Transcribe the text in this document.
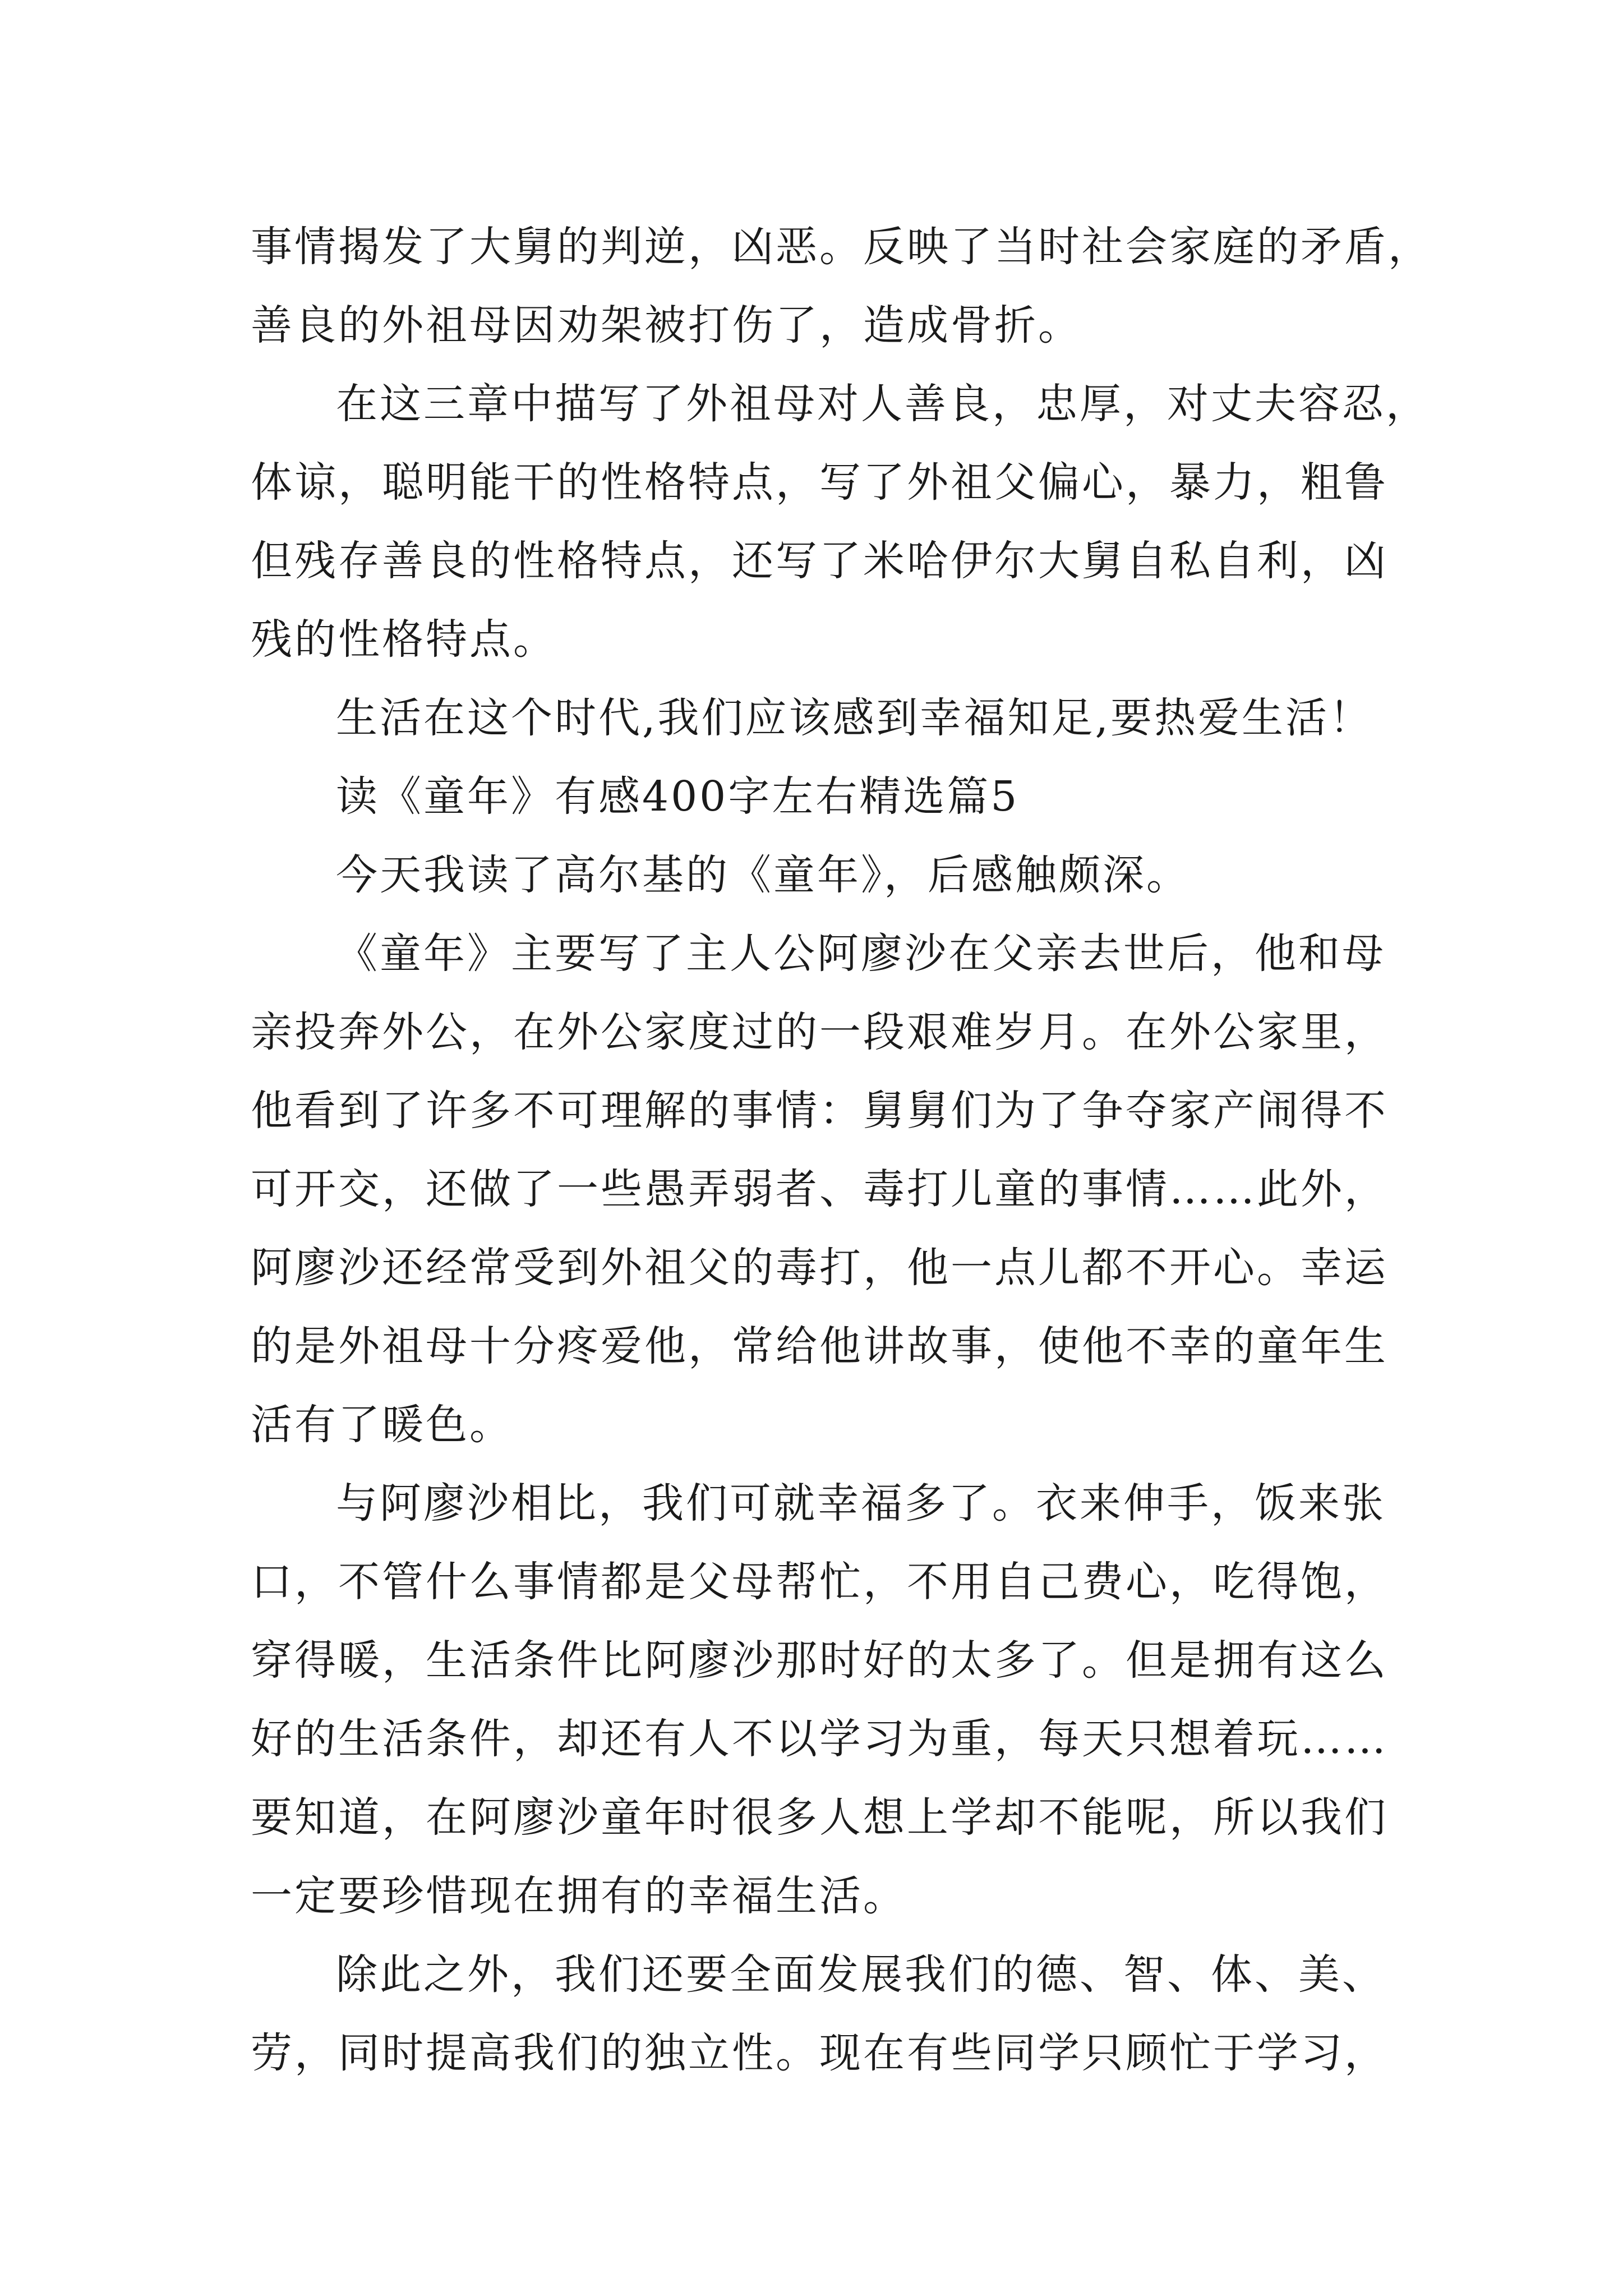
事情揭发了大舅的判逆，凶恶。反映了当时社会家庭的矛盾，
善良的外祖母因劝架被打伤了，造成骨折。

在这三章中描写了外祖母对人善良，忠厚，对丈夫容忍，
体谅，聪明能干的性格特点，写了外祖父偏心，暴力，粗鲁
但残存善良的性格特点，还写了米哈伊尔大舅自私自利，凶
残的性格特点。

生活在这个时代,我们应该感到幸福知足,要热爱生活！

读《童年》有感400字左右精选篇5

今天我读了高尔基的《童年》，后感触颇深。

《童年》主要写了主人公阿廖沙在父亲去世后，他和母
亲投奔外公，在外公家度过的一段艰难岁月。在外公家里，
他看到了许多不可理解的事情：舅舅们为了争夺家产闹得不
可开交，还做了一些愚弄弱者、毒打儿童的事情……此外，
阿廖沙还经常受到外祖父的毒打，他一点儿都不开心。幸运
的是外祖母十分疼爱他，常给他讲故事，使他不幸的童年生
活有了暖色。

与阿廖沙相比，我们可就幸福多了。衣来伸手，饭来张
口，不管什么事情都是父母帮忙，不用自己费心，吃得饱，
穿得暖，生活条件比阿廖沙那时好的太多了。但是拥有这么
好的生活条件，却还有人不以学习为重，每天只想着玩……
要知道，在阿廖沙童年时很多人想上学却不能呢，所以我们
一定要珍惜现在拥有的幸福生活。

除此之外，我们还要全面发展我们的德、智、体、美、
劳，同时提高我们的独立性。现在有些同学只顾忙于学习，
